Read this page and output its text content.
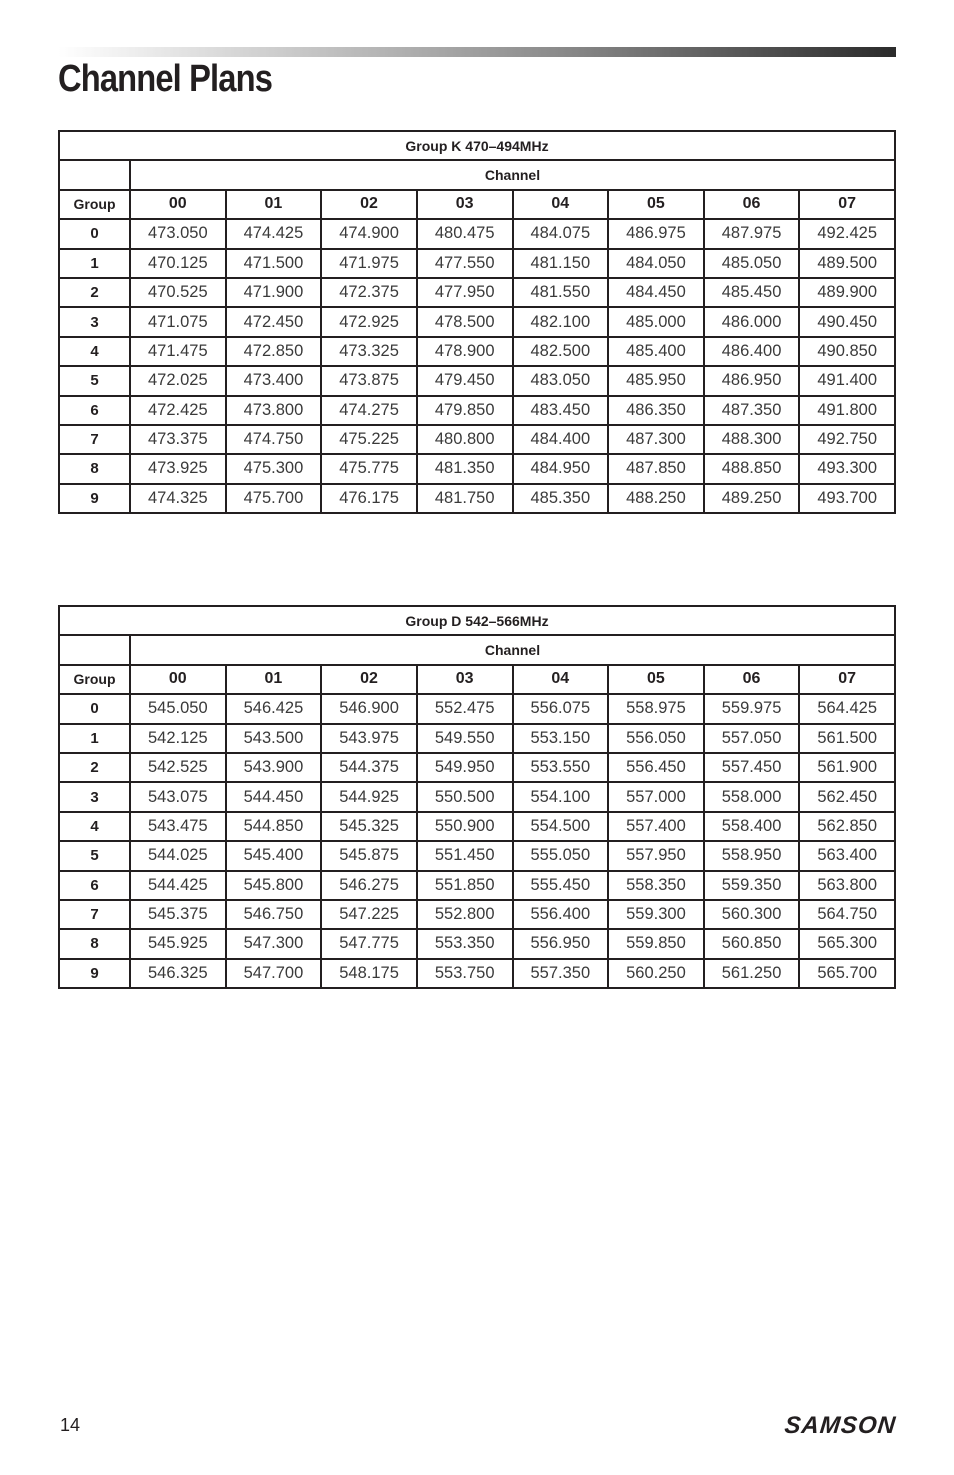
Channel Plans
Group K 470–494MHz								
	Channel							
Group	00	01	02	03	04	05	06	07
0	473.050	474.425	474.900	480.475	484.075	486.975	487.975	492.425
1	470.125	471.500	471.975	477.550	481.150	484.050	485.050	489.500
2	470.525	471.900	472.375	477.950	481.550	484.450	485.450	489.900
3	471.075	472.450	472.925	478.500	482.100	485.000	486.000	490.450
4	471.475	472.850	473.325	478.900	482.500	485.400	486.400	490.850
5	472.025	473.400	473.875	479.450	483.050	485.950	486.950	491.400
6	472.425	473.800	474.275	479.850	483.450	486.350	487.350	491.800
7	473.375	474.750	475.225	480.800	484.400	487.300	488.300	492.750
8	473.925	475.300	475.775	481.350	484.950	487.850	488.850	493.300
9	474.325	475.700	476.175	481.750	485.350	488.250	489.250	493.700
Group D 542–566MHz								
	Channel							
Group	00	01	02	03	04	05	06	07
0	545.050	546.425	546.900	552.475	556.075	558.975	559.975	564.425
1	542.125	543.500	543.975	549.550	553.150	556.050	557.050	561.500
2	542.525	543.900	544.375	549.950	553.550	556.450	557.450	561.900
3	543.075	544.450	544.925	550.500	554.100	557.000	558.000	562.450
4	543.475	544.850	545.325	550.900	554.500	557.400	558.400	562.850
5	544.025	545.400	545.875	551.450	555.050	557.950	558.950	563.400
6	544.425	545.800	546.275	551.850	555.450	558.350	559.350	563.800
7	545.375	546.750	547.225	552.800	556.400	559.300	560.300	564.750
8	545.925	547.300	547.775	553.350	556.950	559.850	560.850	565.300
9	546.325	547.700	548.175	553.750	557.350	560.250	561.250	565.700
14	SAMSON
